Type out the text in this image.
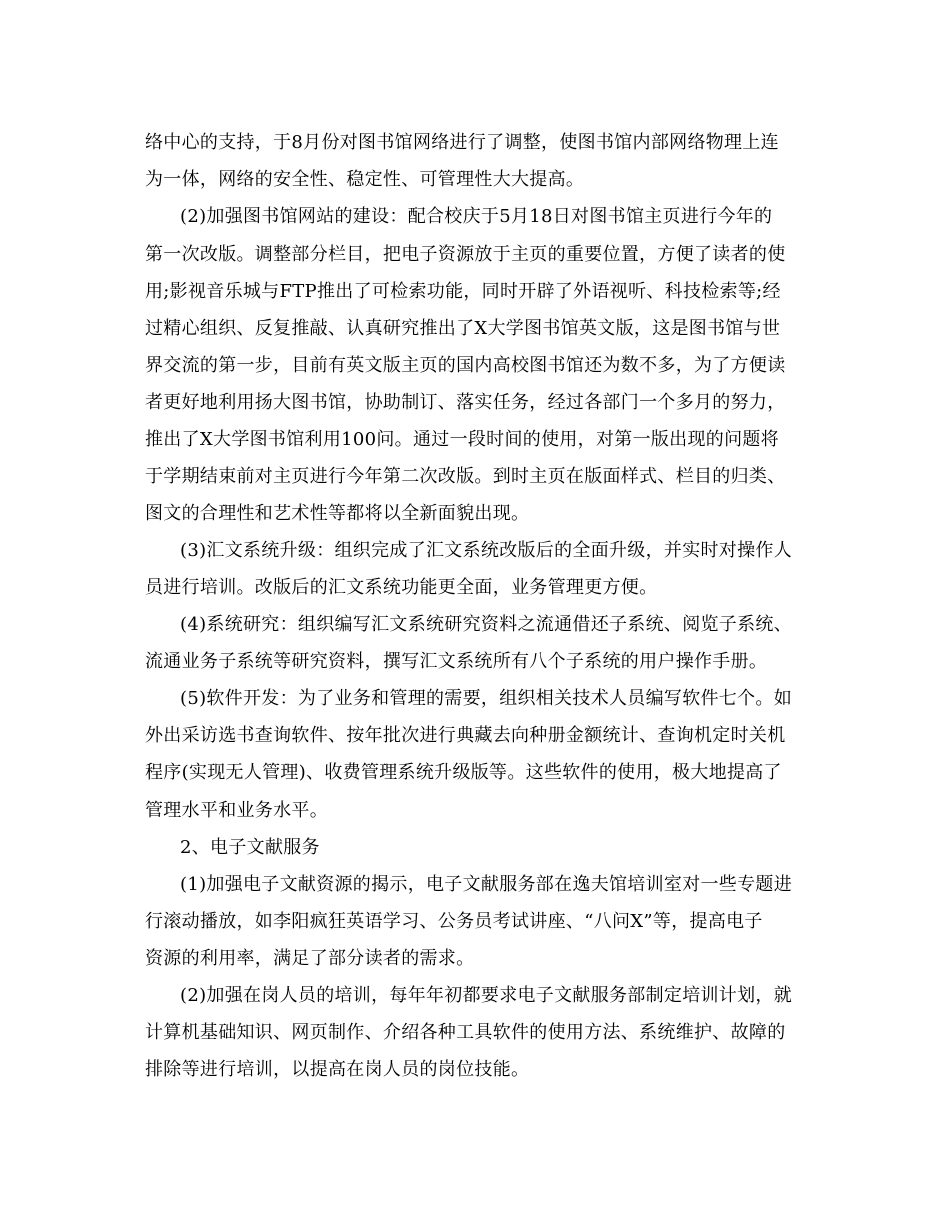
络中心的支持，于8月份对图书馆网络进行了调整，使图书馆内部网络物理上连
为一体，网络的安全性、稳定性、可管理性大大提高。
(2)加强图书馆网站的建设：配合校庆于5月18日对图书馆主页进行今年的
第一次改版。调整部分栏目，把电子资源放于主页的重要位置，方便了读者的使
用;影视音乐城与FTP推出了可检索功能，同时开辟了外语视听、科技检索等;经
过精心组织、反复推敲、认真研究推出了X大学图书馆英文版，这是图书馆与世
界交流的第一步，目前有英文版主页的国内高校图书馆还为数不多，为了方便读
者更好地利用扬大图书馆，协助制订、落实任务，经过各部门一个多月的努力，
推出了X大学图书馆利用100问。通过一段时间的使用，对第一版出现的问题将
于学期结束前对主页进行今年第二次改版。到时主页在版面样式、栏目的归类、
图文的合理性和艺术性等都将以全新面貌出现。
(3)汇文系统升级：组织完成了汇文系统改版后的全面升级，并实时对操作人
员进行培训。改版后的汇文系统功能更全面，业务管理更方便。
(4)系统研究：组织编写汇文系统研究资料之流通借还子系统、阅览子系统、
流通业务子系统等研究资料，撰写汇文系统所有八个子系统的用户操作手册。
(5)软件开发：为了业务和管理的需要，组织相关技术人员编写软件七个。如
外出采访选书查询软件、按年批次进行典藏去向种册金额统计、查询机定时关机
程序(实现无人管理)、收费管理系统升级版等。这些软件的使用，极大地提高了
管理水平和业务水平。
2、电子文献服务
(1)加强电子文献资源的揭示，电子文献服务部在逸夫馆培训室对一些专题进
行滚动播放，如李阳疯狂英语学习、公务员考试讲座、“八问X”等，提高电子
资源的利用率，满足了部分读者的需求。
(2)加强在岗人员的培训，每年年初都要求电子文献服务部制定培训计划，就
计算机基础知识、网页制作、介绍各种工具软件的使用方法、系统维护、故障的
排除等进行培训，以提高在岗人员的岗位技能。
